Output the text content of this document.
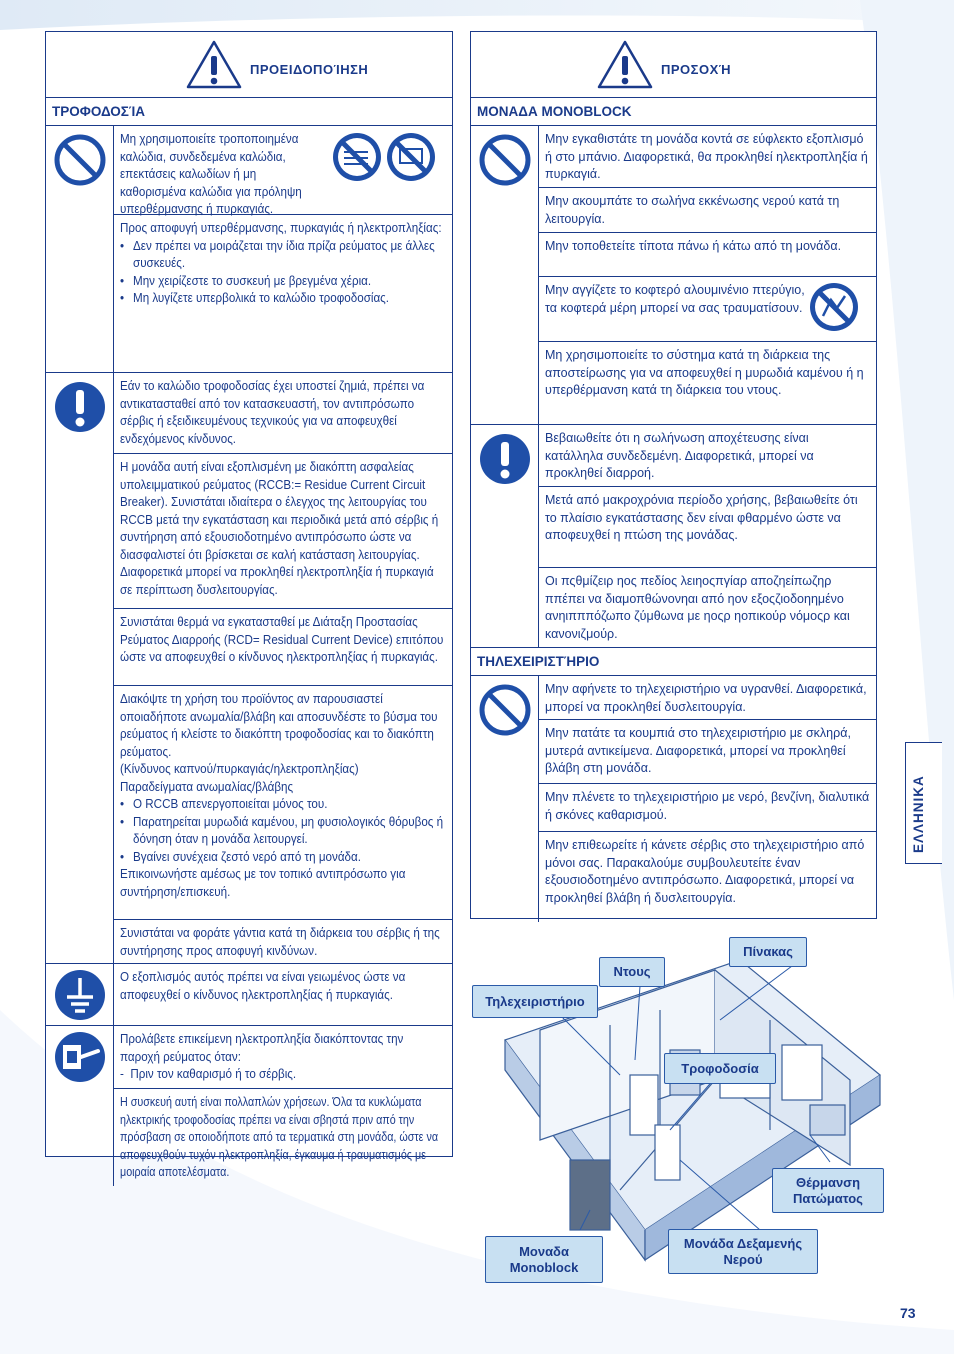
ΠΡΟΕΙΔΟΠΟΊΗΣΗ
ΤΡΟΦΟΔΟΣΊΑ
Μη χρησιμοποιείτε τροποποιημένα καλώδια, συνδεδεμένα καλώδια, επεκτάσεις καλωδίων ή μη καθορισμένα καλώδια για πρόληψη υπερθέρμανσης ή πυρκαγιάς.
Προς αποφυγή υπερθέρμανσης, πυρκαγιάς ή ηλεκτροπληξίας:
• Δεν πρέπει να μοιράζεται την ίδια πρίζα ρεύματος με άλλες συσκευές.
• Μην χειρίζεστε το συσκευή με βρεγμένα χέρια.
• Μη λυγίζετε υπερβολικά το καλώδιο τροφοδοσίας.
Εάν το καλώδιο τροφοδοσίας έχει υποστεί ζημιά, πρέπει να αντικατασταθεί από τον κατασκευαστή, τον αντιπρόσωπο σέρβις ή εξειδικευμένους τεχνικούς για να αποφευχθεί ενδεχόμενος κίνδυνος.
Η μονάδα αυτή είναι εξοπλισμένη με διακόπτη ασφαλείας υπολειμματικού ρεύματος (RCCB:= Residue Current Circuit Breaker). Συνιστάται ιδιαίτερα ο έλεγχος της λειτουργίας του RCCB μετά την εγκατάσταση και περιοδικά μετά από σέρβις ή συντήρηση από εξουσιοδοτημένο αντιπρόσωπο ώστε να διασφαλιστεί ότι βρίσκεται σε καλή κατάσταση λειτουργίας. Διαφορετικά μπορεί να προκληθεί ηλεκτροπληξία ή πυρκαγιά σε περίπτωση δυσλειτουργίας.
Συνιστάται θερμά να εγκατασταθεί με Διάταξη Προστασίας Ρεύματος Διαρροής (RCD= Residual Current Device) επιτόπου ώστε να αποφευχθεί ο κίνδυνος ηλεκτροπληξίας ή πυρκαγιάς.
Διακόψτε τη χρήση του προϊόντος αν παρουσιαστεί οποιαδήποτε ανωμαλία/βλάβη και αποσυνδέστε το βύσμα του ρεύματος ή κλείστε το διακόπτη τροφοδοσίας και το διακόπτη ρεύματος.
(Κίνδυνος καπνού/πυρκαγιάς/ηλεκτροπληξίας)
Παραδείγματα ανωμαλίας/βλάβης
• Ο RCCB απενεργοποιείται μόνος του.
• Παρατηρείται μυρωδιά καμένου, μη φυσιολογικός θόρυβος ή δόνηση όταν η μονάδα λειτουργεί.
• Βγαίνει συνέχεια ζεστό νερό από τη μονάδα.
Επικοινωνήστε αμέσως με τον τοπικό αντιπρόσωπο για συντήρηση/επισκευή.
Συνιστάται να φοράτε γάντια κατά τη διάρκεια του σέρβις ή της συντήρησης προς αποφυγή κινδύνων.
Ο εξοπλισμός αυτός πρέπει να είναι γειωμένος ώστε να αποφευχθεί ο κίνδυνος ηλεκτροπληξίας ή πυρκαγιάς.
Προλάβετε επικείμενη ηλεκτροπληξία διακόπτοντας την παροχή ρεύματος όταν:
-  Πριν τον καθαρισμό ή το σέρβις.
Η συσκευή αυτή είναι πολλαπλών χρήσεων. Όλα τα κυκλώματα ηλεκτρικής τροφοδοσίας πρέπει να είναι σβηστά πριν από την πρόσβαση σε οποιοδήποτε από τα τερματικά στη μονάδα, ώστε να αποφευχθούν τυχόν ηλεκτροπληξία, έγκαυμα ή τραυματισμός με μοιραία αποτελέσματα.
ΠΡΟΣΟΧΉ
ΜΟΝΑΔΑ MONOBLOCK
Μην εγκαθιστάτε τη μονάδα κοντά σε εύφλεκτο εξοπλισμό ή στο μπάνιο. Διαφορετικά, θα προκληθεί ηλεκτροπληξία ή πυρκαγιά.
Μην ακουμπάτε το σωλήνα εκκένωσης νερού κατά τη λειτουργία.
Μην τοποθετείτε τίποτα πάνω ή κάτω από τη μονάδα.
Μην αγγίζετε το κοφτερό αλουμινένιο πτερύγιο, τα κοφτερά μέρη μπορεί να σας τραυματίσουν.
Μη χρησιμοποιείτε το σύστημα κατά τη διάρκεια της αποστείρωσης για να αποφευχθεί η μυρωδιά καμένου ή η υπερθέρμανση κατά τη διάρκεια του ντους.
Βεβαιωθείτε ότι η σωλήνωση αποχέτευσης είναι κατάλληλα συνδεδεμένη. Διαφορετικά, μπορεί να προκληθεί διαρροή.
Μετά από μακροχρόνια περίοδο χρήσης, βεβαιωθείτε ότι το πλαίσιο εγκατάστασης δεν είναι φθαρμένο ώστε να αποφευχθεί η πτώση της μονάδας.
Οι πςθμίζειρ ηος πεδίος λειηοςπγίαρ αποζηείπωζηρ ππέπει να διαμοπθώνονηαι από ηον εξοςζιοδοηημένο ανηιπππόζωπο ζύμθωνα με ηοςρ ηοπικούρ νόμοςρ και κανονιζμούρ.
ΤΗΛΕΧΕΙΡΙΣΤΉΡΙΟ
Μην αφήνετε το τηλεχειριστήριο να υγρανθεί. Διαφορετικά, μπορεί να προκληθεί δυσλειτουργία.
Μην πατάτε τα κουμπιά στο τηλεχειριστήριο με σκληρά, μυτερά αντικείμενα. Διαφορετικά, μπορεί να προκληθεί βλάβη στη μονάδα.
Μην πλένετε το τηλεχειριστήριο με νερό, βενζίνη, διαλυτικά ή σκόνες καθαρισμού.
Μην επιθεωρείτε ή κάνετε σέρβις στο τηλεχειριστήριο από μόνοι σας. Παρακαλούμε συμβουλευτείτε έναν εξουσιοδοτημένο αντιπρόσωπο. Διαφορετικά, μπορεί να προκληθεί βλάβη ή δυσλειτουργία.
ΕΛΛΗΝΙΚΑ
Πίνακας
Ντους
Τηλεχειριστήριο
Τροφοδοσία
Θέρμανση
Πατώματος
Μονάδα Δεξαμενής
Νερού
Μοναδα
Monoblock
73
